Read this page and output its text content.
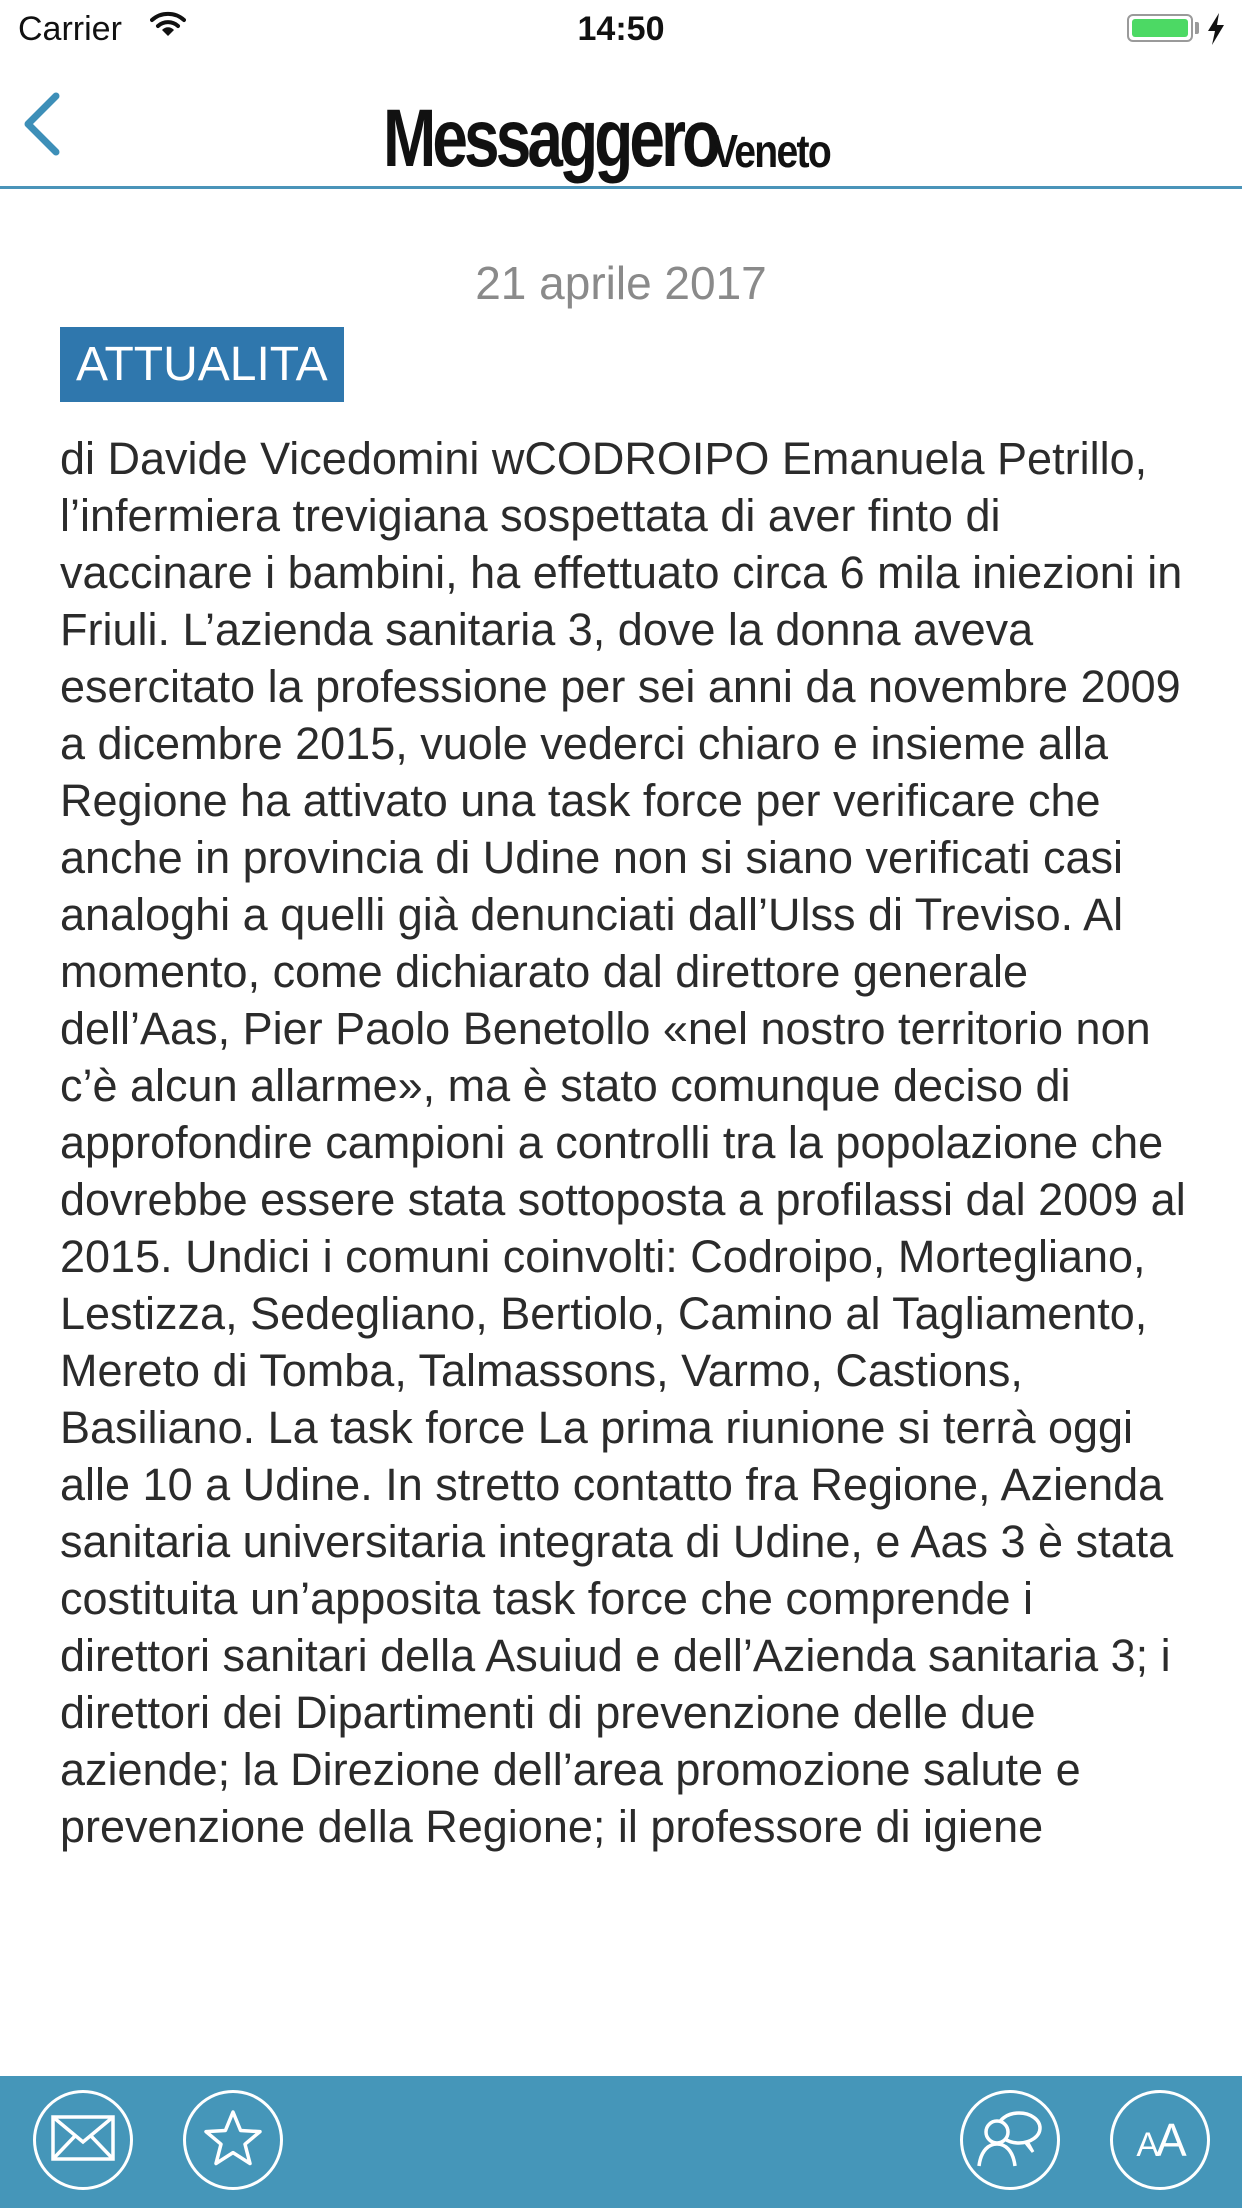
Carrier	14:50
Messaggero
Veneto
21 aprile 2017
ATTUALITA

di Davide Vicedomini wCODROIPO Emanuela Petrillo, l’infermiera trevigiana sospettata di aver finto di vaccinare i bambini, ha effettuato circa 6 mila iniezioni in Friuli. L’azienda sanitaria 3, dove la donna aveva esercitato la professione per sei anni da novembre 2009 a dicembre 2015, vuole vederci chiaro e insieme alla Regione ha attivato una task force per verificare che anche in provincia di Udine non si siano verificati casi analoghi a quelli già denunciati dall’Ulss di Treviso. Al momento, come dichiarato dal direttore generale dell’Aas, Pier Paolo Benetollo «nel nostro territorio non c’è alcun allarme», ma è stato comunque deciso di approfondire campioni a controlli tra la popolazione che dovrebbe essere stata sottoposta a profilassi dal 2009 al 2015. Undici i comuni coinvolti: Codroipo, Mortegliano, Lestizza, Sedegliano, Bertiolo, Camino al Tagliamento, Mereto di Tomba, Talmassons, Varmo, Castions, Basiliano. La task force La prima riunione si terrà oggi alle 10 a Udine. In stretto contatto fra Regione, Azienda sanitaria universitaria integrata di Udine, e Aas 3 è stata costituita un’apposita task force che comprende i direttori sanitari della Asuiud e dell’Azienda sanitaria 3; i direttori dei Dipartimenti di prevenzione delle due aziende; la Direzione dell’area promozione salute e prevenzione della Regione; il professore di igiene

AA
